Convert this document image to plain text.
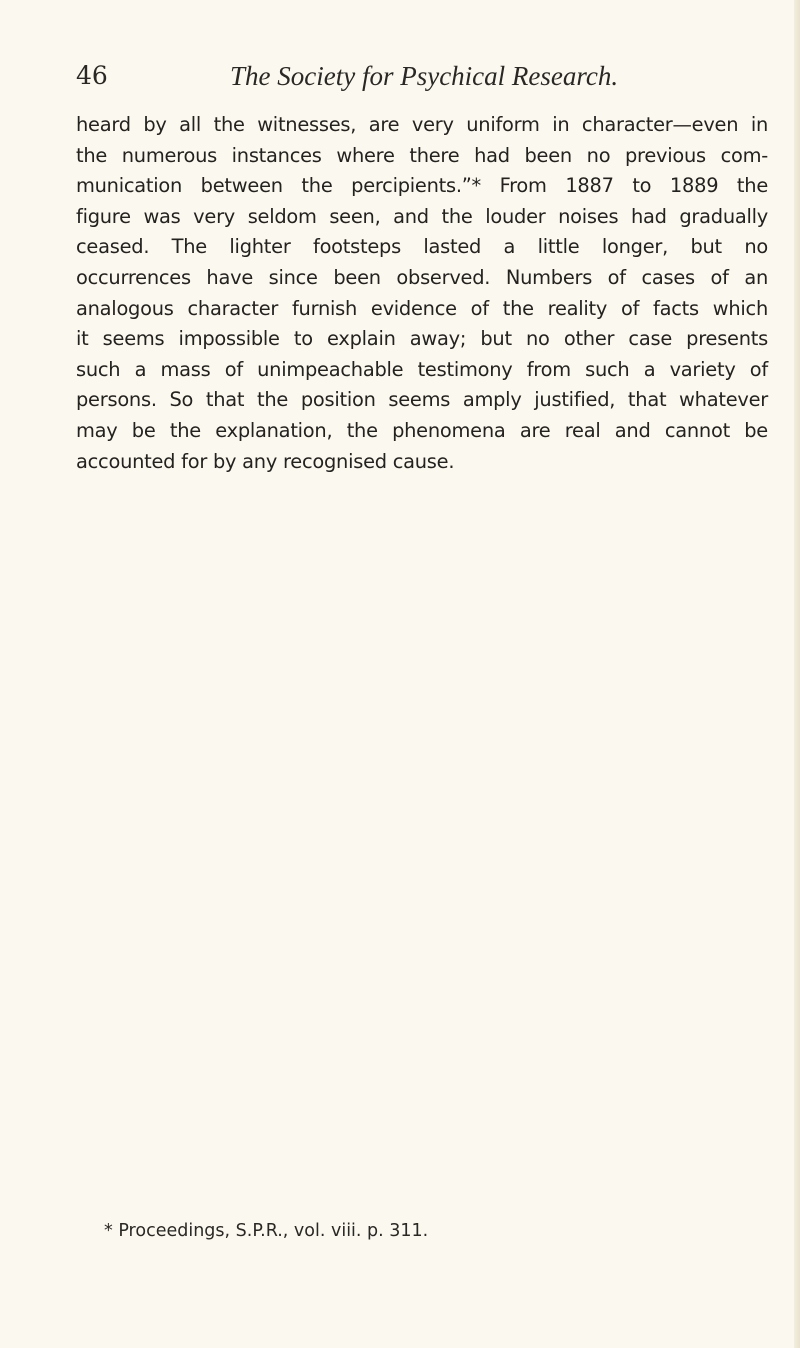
46	The Society for Psychical Research.
heard by all the witnesses, are very uniform in character—even in
the numerous instances where there had been no previous com-
munication between the percipients.”* From 1887 to 1889 the
figure was very seldom seen, and the louder noises had gradually
ceased. The lighter footsteps lasted a little longer, but no
occurrences have since been observed. Numbers of cases of an
analogous character furnish evidence of the reality of facts which
it seems impossible to explain away; but no other case presents
such a mass of unimpeachable testimony from such a variety of
persons. So that the position seems amply justified, that whatever
may be the explanation, the phenomena are real and cannot be
accounted for by any recognised cause.
* Proceedings, S.P.R., vol. viii. p. 311.
